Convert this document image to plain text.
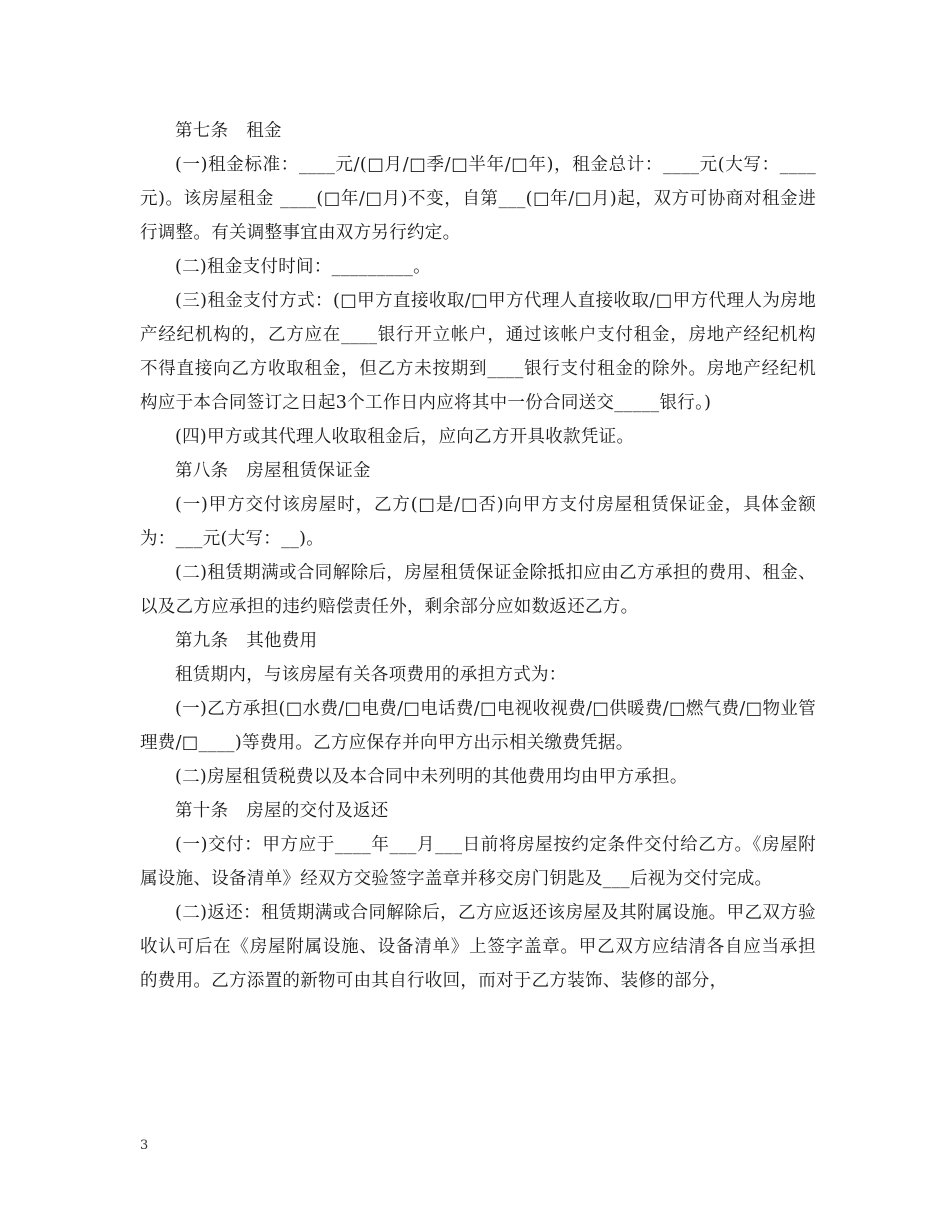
第七条　租金

(一)租金标准：____元/(□月/□季/□半年/□年)，租金总计：____元(大写：____元)。该房屋租金 ____(□年/□月)不变，自第___(□年/□月)起，双方可协商对租金进行调整。有关调整事宜由双方另行约定。

(二)租金支付时间：_________。

(三)租金支付方式：(□甲方直接收取/□甲方代理人直接收取/□甲方代理人为房地产经纪机构的，乙方应在____银行开立帐户，通过该帐户支付租金，房地产经纪机构不得直接向乙方收取租金，但乙方未按期到____银行支付租金的除外。房地产经纪机构应于本合同签订之日起3个工作日内应将其中一份合同送交_____银行。)

(四)甲方或其代理人收取租金后，应向乙方开具收款凭证。

第八条　房屋租赁保证金

(一)甲方交付该房屋时，乙方(□是/□否)向甲方支付房屋租赁保证金，具体金额为：___元(大写：__)。

(二)租赁期满或合同解除后，房屋租赁保证金除抵扣应由乙方承担的费用、租金、以及乙方应承担的违约赔偿责任外，剩余部分应如数返还乙方。

第九条　其他费用

租赁期内，与该房屋有关各项费用的承担方式为：

(一)乙方承担(□水费/□电费/□电话费/□电视收视费/□供暖费/□燃气费/□物业管理费/□____)等费用。乙方应保存并向甲方出示相关缴费凭据。

(二)房屋租赁税费以及本合同中未列明的其他费用均由甲方承担。

第十条　房屋的交付及返还

(一)交付：甲方应于____年___月___日前将房屋按约定条件交付给乙方。《房屋附属设施、设备清单》经双方交验签字盖章并移交房门钥匙及___后视为交付完成。

(二)返还：租赁期满或合同解除后，乙方应返还该房屋及其附属设施。甲乙双方验收认可后在《房屋附属设施、设备清单》上签字盖章。甲乙双方应结清各自应当承担的费用。乙方添置的新物可由其自行收回，而对于乙方装饰、装修的部分，

3
